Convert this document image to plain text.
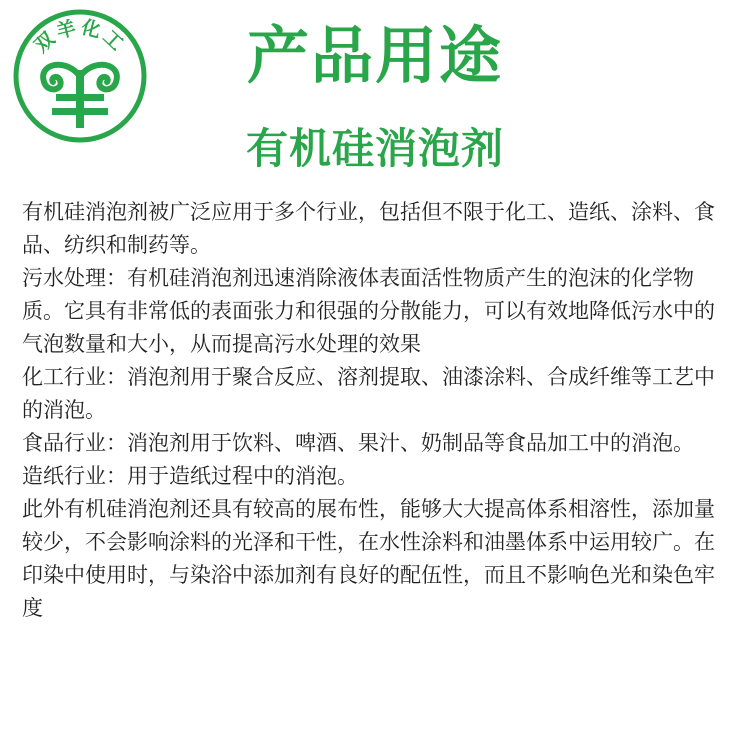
双羊化工	产品用途
有机硅消泡剂

有机硅消泡剂被广泛应用于多个行业，包括但不限于化工、造纸、涂料、食品、纺织和制药等。

污水处理：有机硅消泡剂迅速消除液体表面活性物质产生的泡沫的化学物质。它具有非常低的表面张力和很强的分散能力，可以有效地降低污水中的气泡数量和大小，从而提高污水处理的效果

化工行业：消泡剂用于聚合反应、溶剂提取、油漆涂料、合成纤维等工艺中的消泡。

食品行业：消泡剂用于饮料、啤酒、果汁、奶制品等食品加工中的消泡。

造纸行业：用于造纸过程中的消泡。

此外有机硅消泡剂还具有较高的展布性，能够大大提高体系相溶性，添加量较少，不会影响涂料的光泽和干性，在水性涂料和油墨体系中运用较广。在印染中使用时，与染浴中添加剂有良好的配伍性，而且不影响色光和染色牢度
